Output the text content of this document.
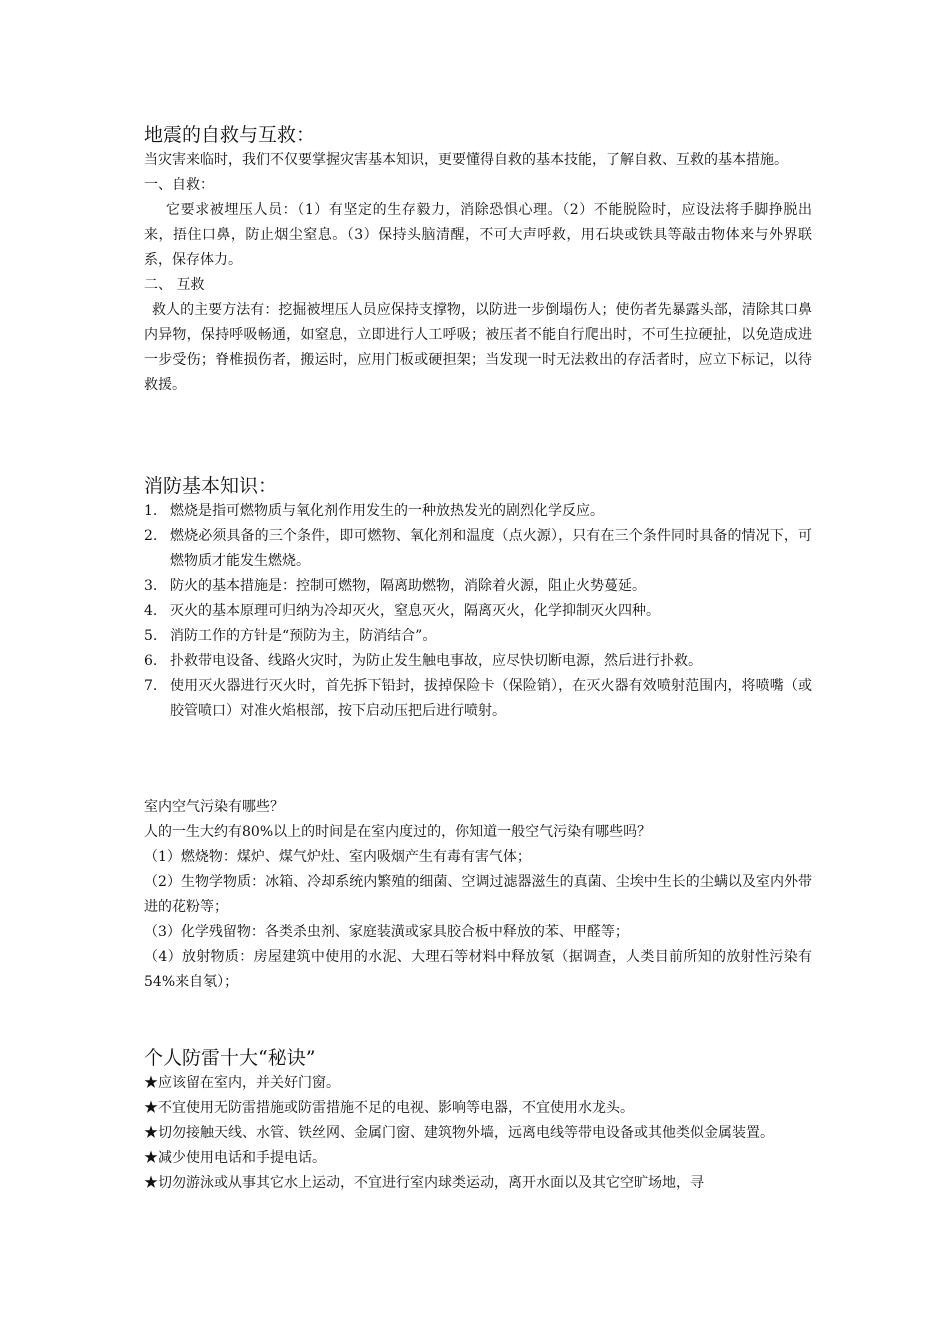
地震的自救与互救：

当灾害来临时，我们不仅要掌握灾害基本知识，更要懂得自救的基本技能，了解自救、互救的基本措施。

一、自救：

它要求被埋压人员：（1）有坚定的生存毅力，消除恐惧心理。（2）不能脱险时，应设法将手脚挣脱出来，捂住口鼻，防止烟尘窒息。（3）保持头脑清醒，不可大声呼救，用石块或铁具等敲击物体来与外界联系，保存体力。

二、 互救

救人的主要方法有：挖掘被埋压人员应保持支撑物，以防进一步倒塌伤人；使伤者先暴露头部，清除其口鼻内异物，保持呼吸畅通，如窒息，立即进行人工呼吸；被压者不能自行爬出时，不可生拉硬扯，以免造成进一步受伤；脊椎损伤者，搬运时，应用门板或硬担架；当发现一时无法救出的存活者时，应立下标记，以待救援。

消防基本知识：
1. 燃烧是指可燃物质与氧化剂作用发生的一种放热发光的剧烈化学反应。
2. 燃烧必须具备的三个条件，即可燃物、氧化剂和温度（点火源），只有在三个条件同时具备的情况下，可燃物质才能发生燃烧。
3. 防火的基本措施是：控制可燃物，隔离助燃物，消除着火源，阻止火势蔓延。
4. 灭火的基本原理可归纳为冷却灭火，窒息灭火，隔离灭火，化学抑制灭火四种。
5. 消防工作的方针是“预防为主，防消结合”。
6. 扑救带电设备、线路火灾时，为防止发生触电事故，应尽快切断电源，然后进行扑救。
7. 使用灭火器进行灭火时，首先拆下铅封，拔掉保险卡（保险销），在灭火器有效喷射范围内，将喷嘴（或胶管喷口）对准火焰根部，按下启动压把后进行喷射。

室内空气污染有哪些？

人的一生大约有80%以上的时间是在室内度过的，你知道一般空气污染有哪些吗？

（1）燃烧物：煤炉、煤气炉灶、室内吸烟产生有毒有害气体；

（2）生物学物质：冰箱、冷却系统内繁殖的细菌、空调过滤器滋生的真菌、尘埃中生长的尘螨以及室内外带进的花粉等；

（3）化学残留物：各类杀虫剂、家庭装潢或家具胶合板中释放的苯、甲醛等；

（4）放射物质：房屋建筑中使用的水泥、大理石等材料中释放氡（据调查，人类目前所知的放射性污染有54%来自氡）；

个人防雷十大“秘诀”

★应该留在室内，并关好门窗。

★不宜使用无防雷措施或防雷措施不足的电视、影响等电器，不宜使用水龙头。

★切勿接触天线、水管、铁丝网、金属门窗、建筑物外墙，远离电线等带电设备或其他类似金属装置。

★减少使用电话和手提电话。

★切勿游泳或从事其它水上运动，不宜进行室内球类运动，离开水面以及其它空旷场地，寻
